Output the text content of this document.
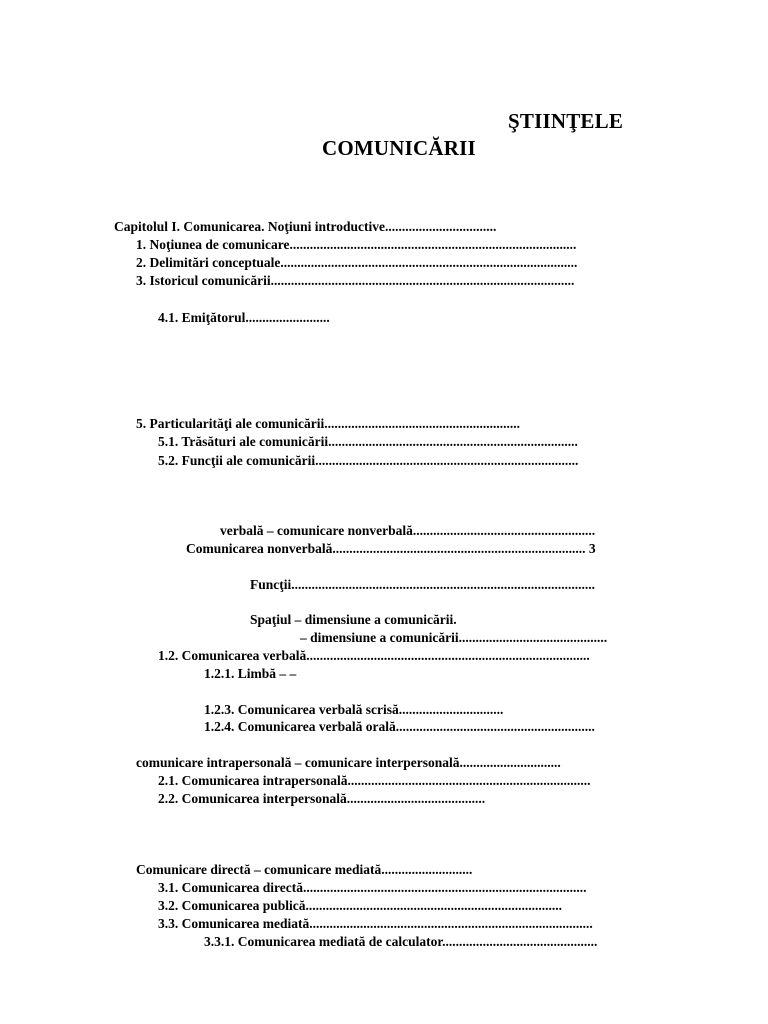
ŞTIINŢELE
COMUNICĂRII
Capitolul I. Comunicarea. Noţiuni introductive.................................
1. Noţiunea de comunicare.....................................................................................
2. Delimitări conceptuale........................................................................................
3. Istoricul comunicării..........................................................................................
4.1. Emiţătorul.........................
5. Particularităţi ale comunicării..........................................................
5.1. Trăsături ale comunicării..........................................................................
5.2. Funcţii ale comunicării..............................................................................
verbală – comunicare nonverbală......................................................
Comunicarea nonverbală........................................................................... 3
Funcţii..........................................................................................
Spaţiul – dimensiune a comunicării.
– dimensiune a comunicării............................................
1.2. Comunicarea verbală....................................................................................
1.2.1. Limbă – –
1.2.3. Comunicarea verbală scrisă...............................
1.2.4. Comunicarea verbală orală...........................................................
comunicare intrapersonală – comunicare interpersonală..............................
2.1. Comunicarea intrapersonală........................................................................
2.2. Comunicarea interpersonală.........................................
Comunicare directă – comunicare mediată...........................
3.1. Comunicarea directă....................................................................................
3.2. Comunicarea publică............................................................................
3.3. Comunicarea mediată....................................................................................
3.3.1. Comunicarea mediată de calculator..............................................
